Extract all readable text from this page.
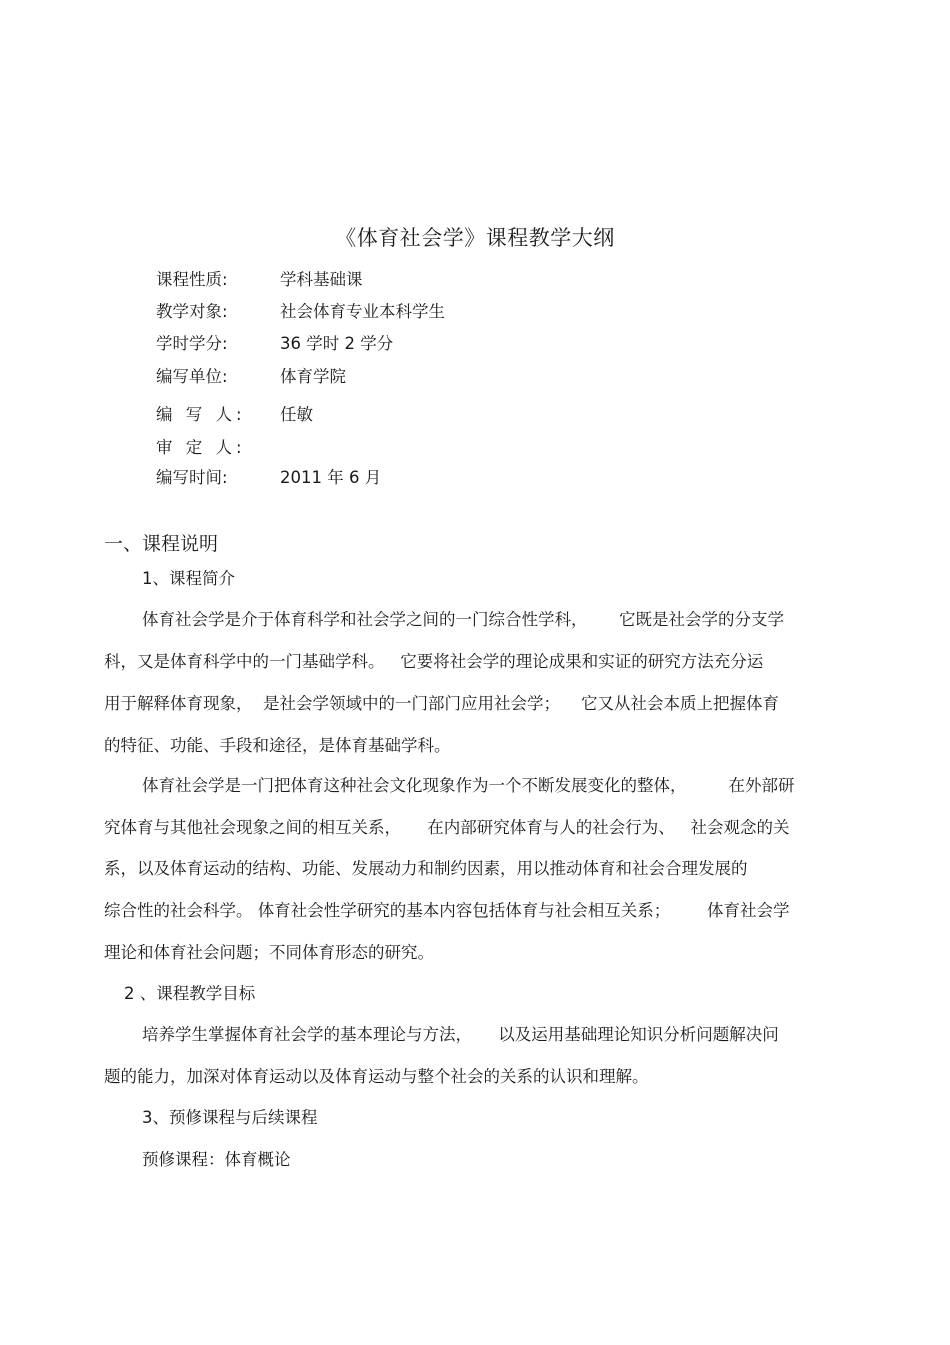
《体育社会学》课程教学大纲
课程性质:	学科基础课
教学对象:	社会体育专业本科学生
学时学分:	36 学时 2 学分
编写单位:	体育学院
编 写 人: 任敏
审 定 人:
编写时间:	2011 年 6 月
一、课程说明
1、课程简介
体育社会学是介于体育科学和社会学之间的一门综合性学科，      它既是社会学的分支学
科，又是体育科学中的一门基础学科。   它要将社会学的理论成果和实证的研究方法充分运
用于解释体育现象，  是社会学领域中的一门部门应用社会学；    它又从社会本质上把握体育
的特征、功能、手段和途径，是体育基础学科。
体育社会学是一门把体育这种社会文化现象作为一个不断发展变化的整体，        在外部研
究体育与其他社会现象之间的相互关系，     在内部研究体育与人的社会行为、   社会观念的关
系，以及体育运动的结构、功能、发展动力和制约因素，用以推动体育和社会合理发展的
综合性的社会科学。 体育社会性学研究的基本内容包括体育与社会相互关系；       体育社会学
理论和体育社会问题；不同体育形态的研究。
2 、课程教学目标
培养学生掌握体育社会学的基本理论与方法，     以及运用基础理论知识分析问题解决问
题的能力，加深对体育运动以及体育运动与整个社会的关系的认识和理解。
3、预修课程与后续课程
预修课程：体育概论
